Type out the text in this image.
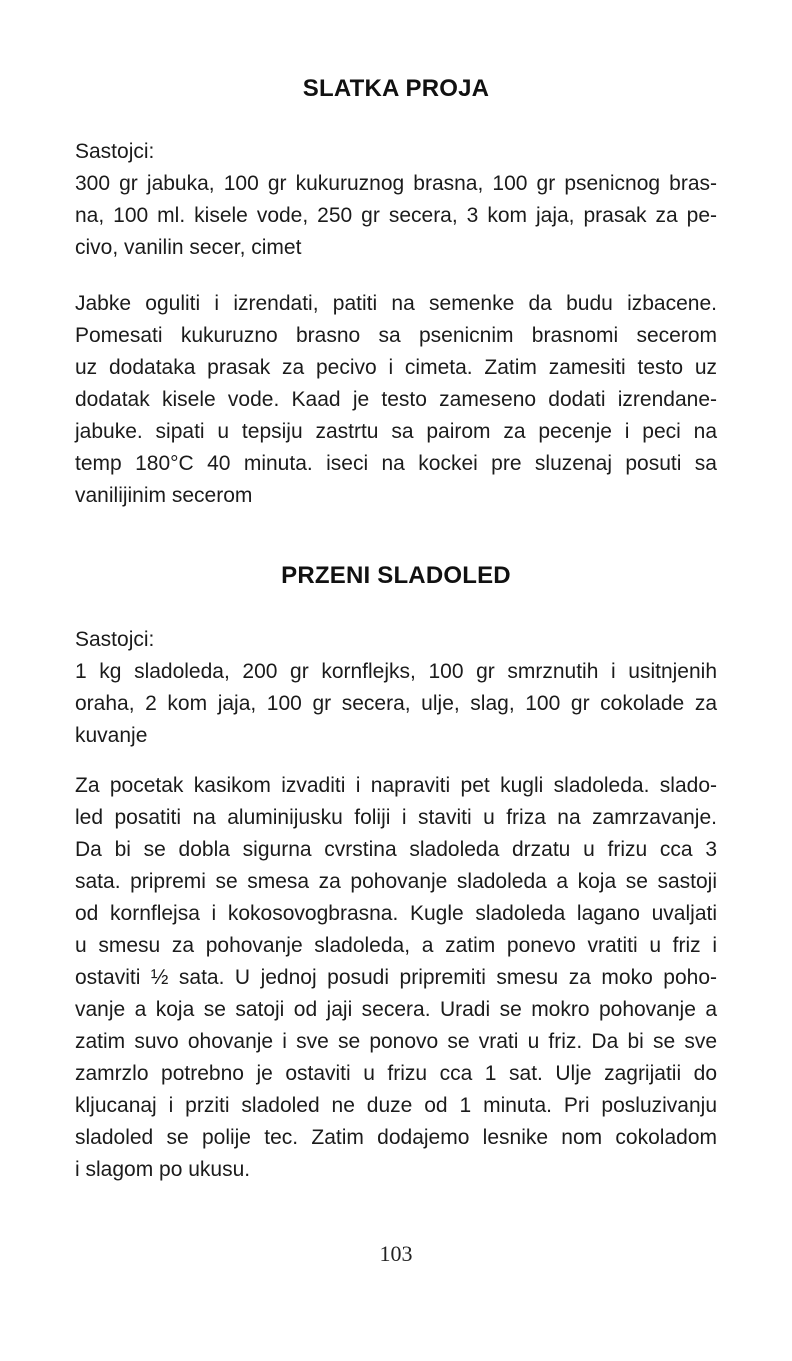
SLATKA PROJA
Sastojci:
300 gr jabuka, 100 gr kukuruznog brasna, 100 gr psenicnog bras-
na, 100 ml. kisele vode, 250 gr secera, 3 kom jaja, prasak za pe-
civo, vanilin secer, cimet
Jabke oguliti i izrendati, patiti na semenke da budu izbacene.
Pomesati kukuruzno brasno sa psenicnim brasnomi secerom
uz dodataka prasak za pecivo i cimeta. Zatim zamesiti testo uz
dodatak kisele vode. Kaad je testo zameseno dodati izrendane-
jabuke. sipati u tepsiju zastrtu sa pairom za pecenje i peci na
temp 180°C 40 minuta. iseci na kockei pre sluzenaj posuti sa
vanilijinim secerom
PRZENI SLADOLED
Sastojci:
1 kg sladoleda, 200 gr kornflejks, 100 gr smrznutih i usitnjenih
oraha, 2 kom jaja, 100 gr secera, ulje, slag, 100 gr cokolade za
kuvanje
Za pocetak kasikom izvaditi i napraviti pet kugli sladoleda. slado-
led posatiti na aluminijusku foliji i staviti u friza na zamrzavanje.
Da bi se dobla sigurna cvrstina sladoleda drzatu u frizu cca 3
sata. pripremi se smesa za pohovanje sladoleda a koja se sastoji
od kornflejsa i kokosovogbrasna. Kugle sladoleda lagano uvaljati
u smesu za pohovanje sladoleda, a zatim ponevo vratiti u friz i
ostaviti ½ sata. U jednoj posudi pripremiti smesu za moko poho-
vanje a koja se satoji od jaji secera. Uradi se mokro pohovanje a
zatim suvo ohovanje i sve se ponovo se vrati u friz. Da bi se sve
zamrzlo potrebno je ostaviti u frizu cca 1 sat. Ulje zagrijatii do
kljucanaj i prziti sladoled ne duze od 1 minuta. Pri posluzivanju
sladoled se polije tec. Zatim dodajemo lesnike nom cokoladom
i slagom po ukusu.
103
